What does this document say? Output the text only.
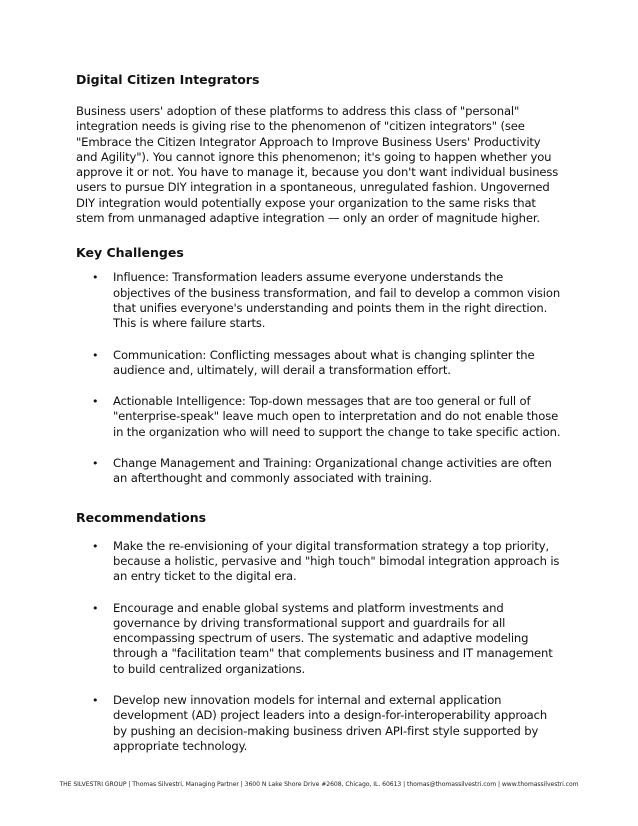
Digital Citizen Integrators

Business users' adoption of these platforms to address this class of "personal" integration needs is giving rise to the phenomenon of "citizen integrators" (see "Embrace the Citizen Integrator Approach to Improve Business Users' Productivity and Agility"). You cannot ignore this phenomenon; it's going to happen whether you approve it or not. You have to manage it, because you don't want individual business users to pursue DIY integration in a spontaneous, unregulated fashion. Ungoverned DIY integration would potentially expose your organization to the same risks that stem from unmanaged adaptive integration — only an order of magnitude higher.

Key Challenges
• Influence: Transformation leaders assume everyone understands the objectives of the business transformation, and fail to develop a common vision that unifies everyone's understanding and points them in the right direction. This is where failure starts.
• Communication: Conflicting messages about what is changing splinter the audience and, ultimately, will derail a transformation effort.
• Actionable Intelligence: Top-down messages that are too general or full of "enterprise-speak" leave much open to interpretation and do not enable those in the organization who will need to support the change to take specific action.
• Change Management and Training: Organizational change activities are often an afterthought and commonly associated with training.
Recommendations
• Make the re-envisioning of your digital transformation strategy a top priority, because a holistic, pervasive and "high touch" bimodal integration approach is an entry ticket to the digital era.
• Encourage and enable global systems and platform investments and governance by driving transformational support and guardrails for all encompassing spectrum of users. The systematic and adaptive modeling through a "facilitation team" that complements business and IT management to build centralized organizations.
• Develop new innovation models for internal and external application development (AD) project leaders into a design-for-interoperability approach by pushing an decision-making business driven API-first style supported by appropriate technology.
THE SILVESTRI GROUP | Thomas Silvestri, Managing Partner | 3600 N Lake Shore Drive #2608, Chicago, IL. 60613 | thomas@thomassilvestri.com | www.thomassilvestri.com
